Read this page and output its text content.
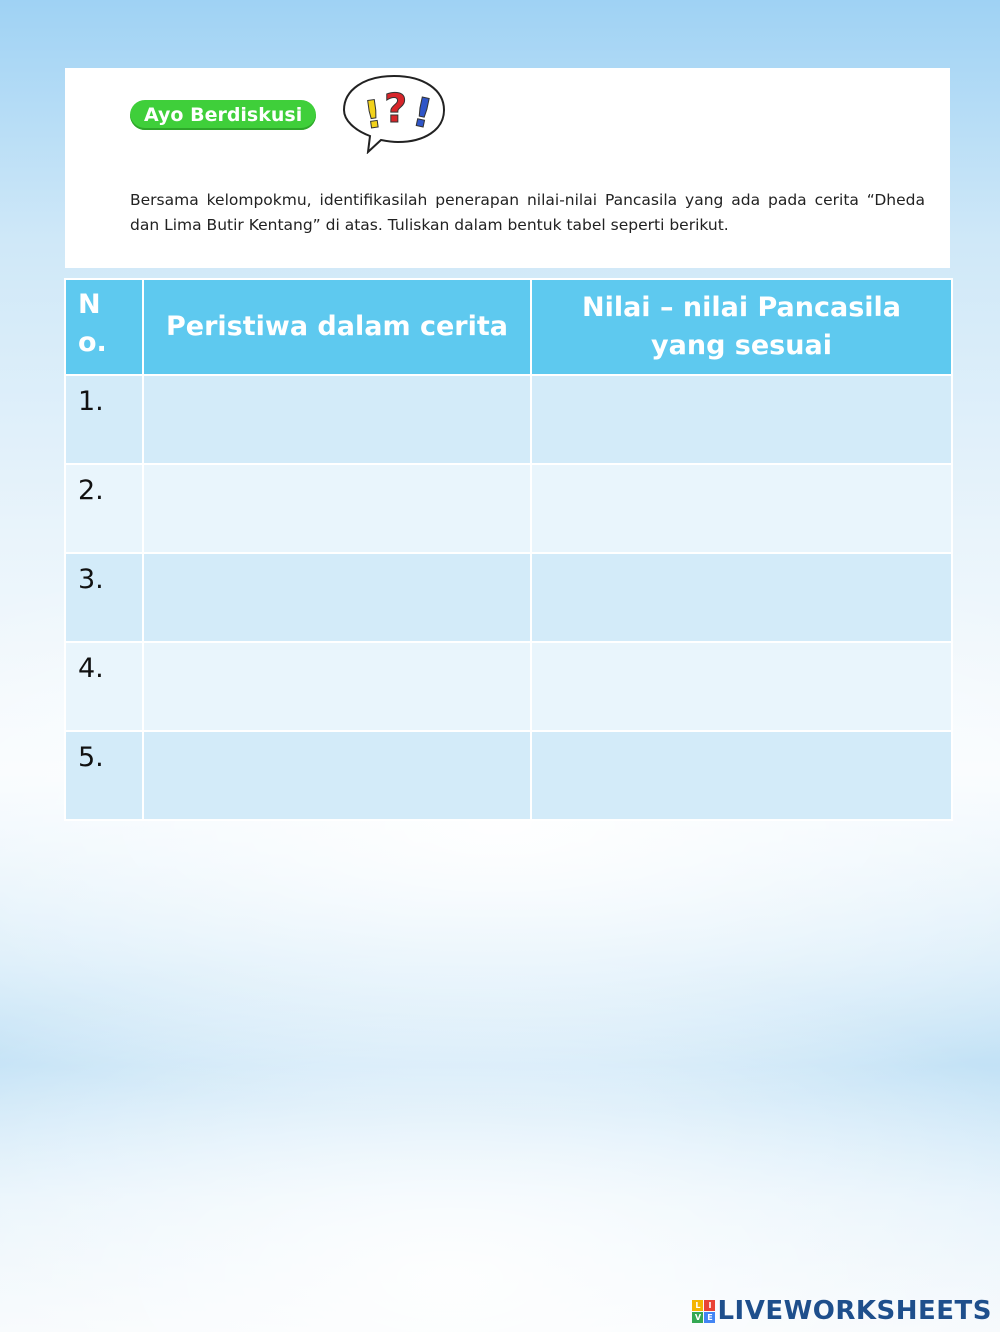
Ayo Berdiskusi	! ? !

Bersama kelompokmu, identifikasilah penerapan nilai-nilai Pancasila yang ada pada cerita “Dheda dan Lima Butir Kentang” di atas. Tuliskan dalam bentuk tabel seperti berikut.

No.	Peristiwa dalam cerita	Nilai – nilai Pancasila
yang sesuai

1.		
2.		
3.		
4.		
5.		
L I
V E LIVEWORKSHEETS
